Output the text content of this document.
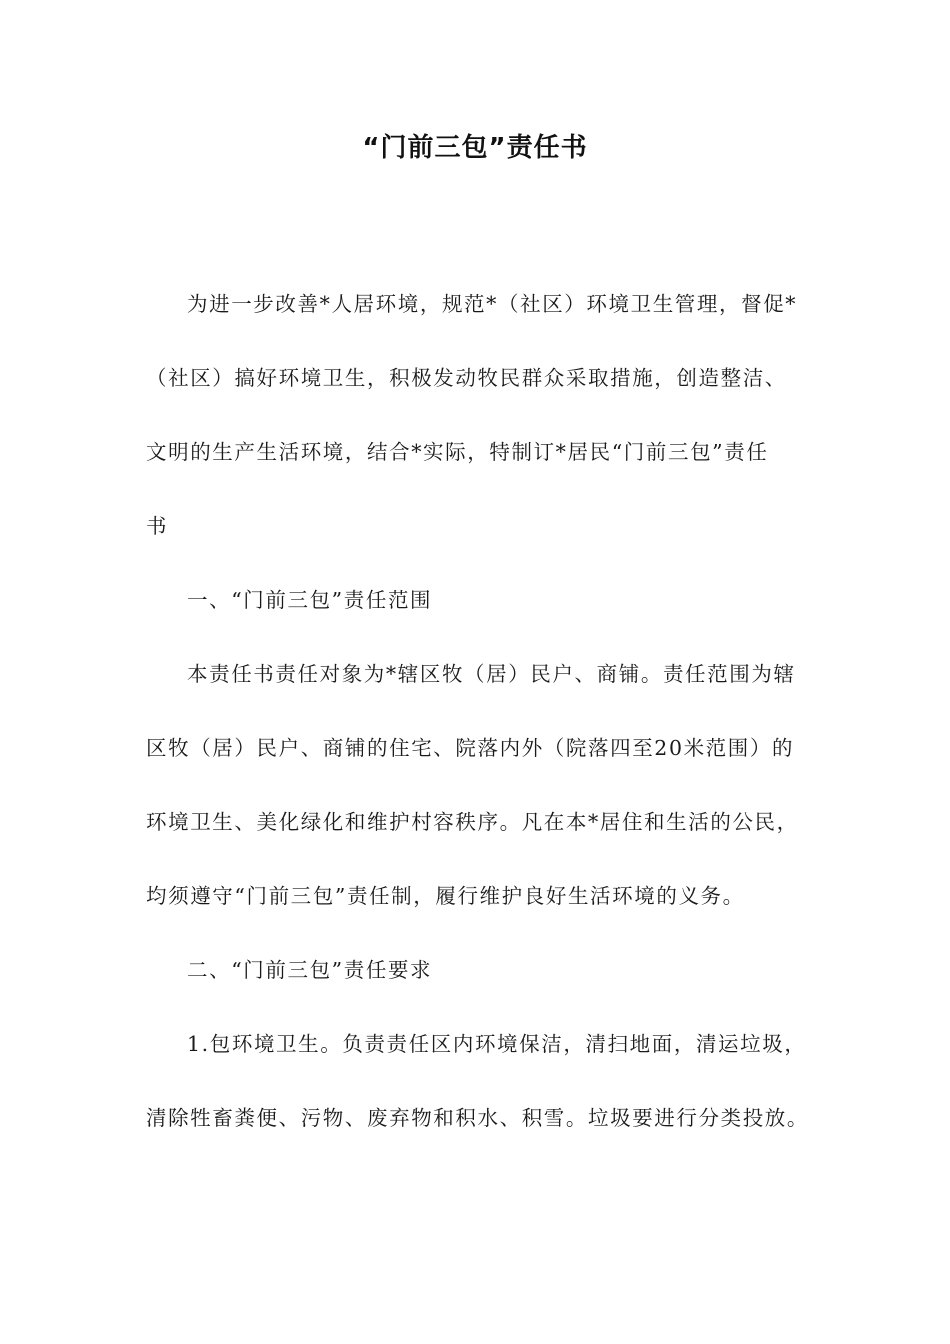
“门前三包”责任书
为进一步改善*人居环境，规范*（社区）环境卫生管理，督促*
（社区）搞好环境卫生，积极发动牧民群众采取措施，创造整洁、
文明的生产生活环境，结合*实际，特制订*居民“门前三包”责任
书
一、“门前三包”责任范围
本责任书责任对象为*辖区牧（居）民户、商铺。责任范围为辖
区牧（居）民户、商铺的住宅、院落内外（院落四至20米范围）的
环境卫生、美化绿化和维护村容秩序。凡在本*居住和生活的公民，
均须遵守“门前三包”责任制，履行维护良好生活环境的义务。
二、“门前三包”责任要求
1.包环境卫生。负责责任区内环境保洁，清扫地面，清运垃圾，
清除牲畜粪便、污物、废弃物和积水、积雪。垃圾要进行分类投放。
